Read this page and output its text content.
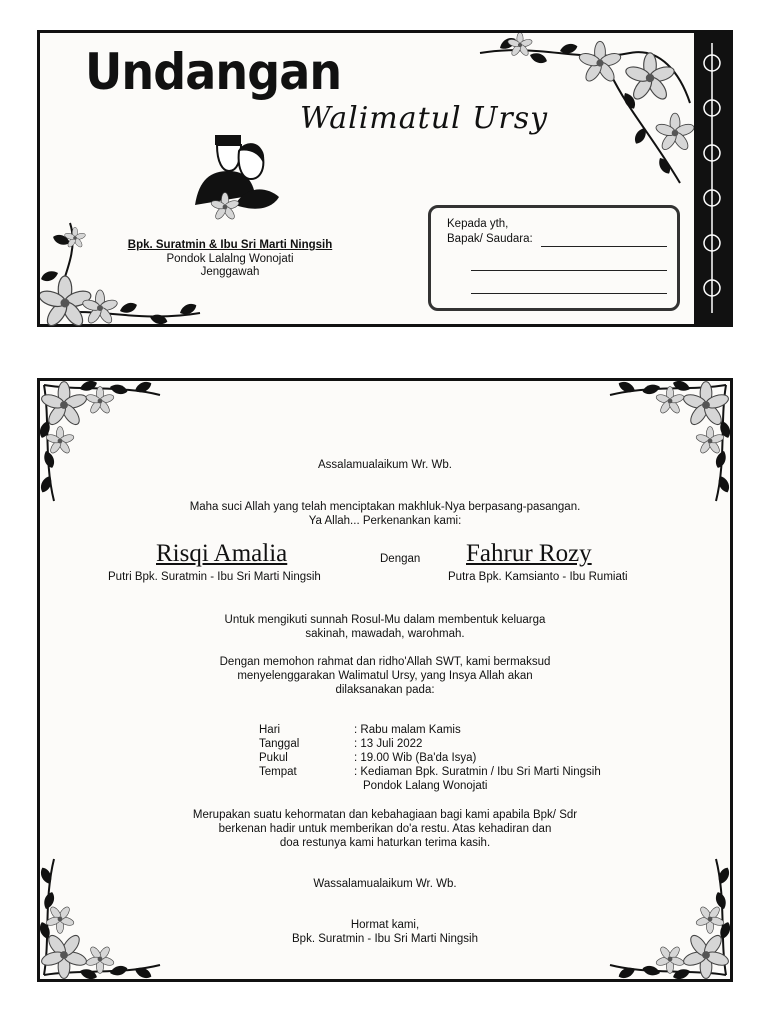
Undangan
Walimatul Ursy
Bpk. Suratmin & Ibu Sri Marti Ningsih
Pondok Lalalng Wonojati
Jenggawah
Kepada yth,
Bapak/ Saudara:
Assalamualaikum Wr. Wb.
Maha suci Allah yang telah menciptakan makhluk-Nya berpasang-pasangan.
Ya Allah... Perkenankan kami:
Risqi Amalia	Dengan Fahrur Rozy
Putri Bpk. Suratmin - Ibu Sri Marti Ningsih	Putra Bpk. Kamsianto - Ibu Rumiati
Untuk mengikuti sunnah Rosul-Mu dalam membentuk keluarga
sakinah, mawadah, warohmah.
Dengan memohon rahmat dan ridho'Allah SWT, kami bermaksud
menyelenggarakan Walimatul Ursy, yang Insya Allah akan
dilaksanakan pada:
Hari	: Rabu malam Kamis
Tanggal	: 13 Juli 2022
Pukul	: 19.00 Wib (Ba'da Isya)
Tempat	: Kediaman Bpk. Suratmin / Ibu Sri Marti Ningsih
Pondok Lalang Wonojati
Merupakan suatu kehormatan dan kebahagiaan bagi kami apabila Bpk/ Sdr
berkenan hadir untuk memberikan do'a restu. Atas kehadiran dan
doa restunya kami haturkan terima kasih.
Wassalamualaikum Wr. Wb.
Hormat kami,
Bpk. Suratmin - Ibu Sri Marti Ningsih
